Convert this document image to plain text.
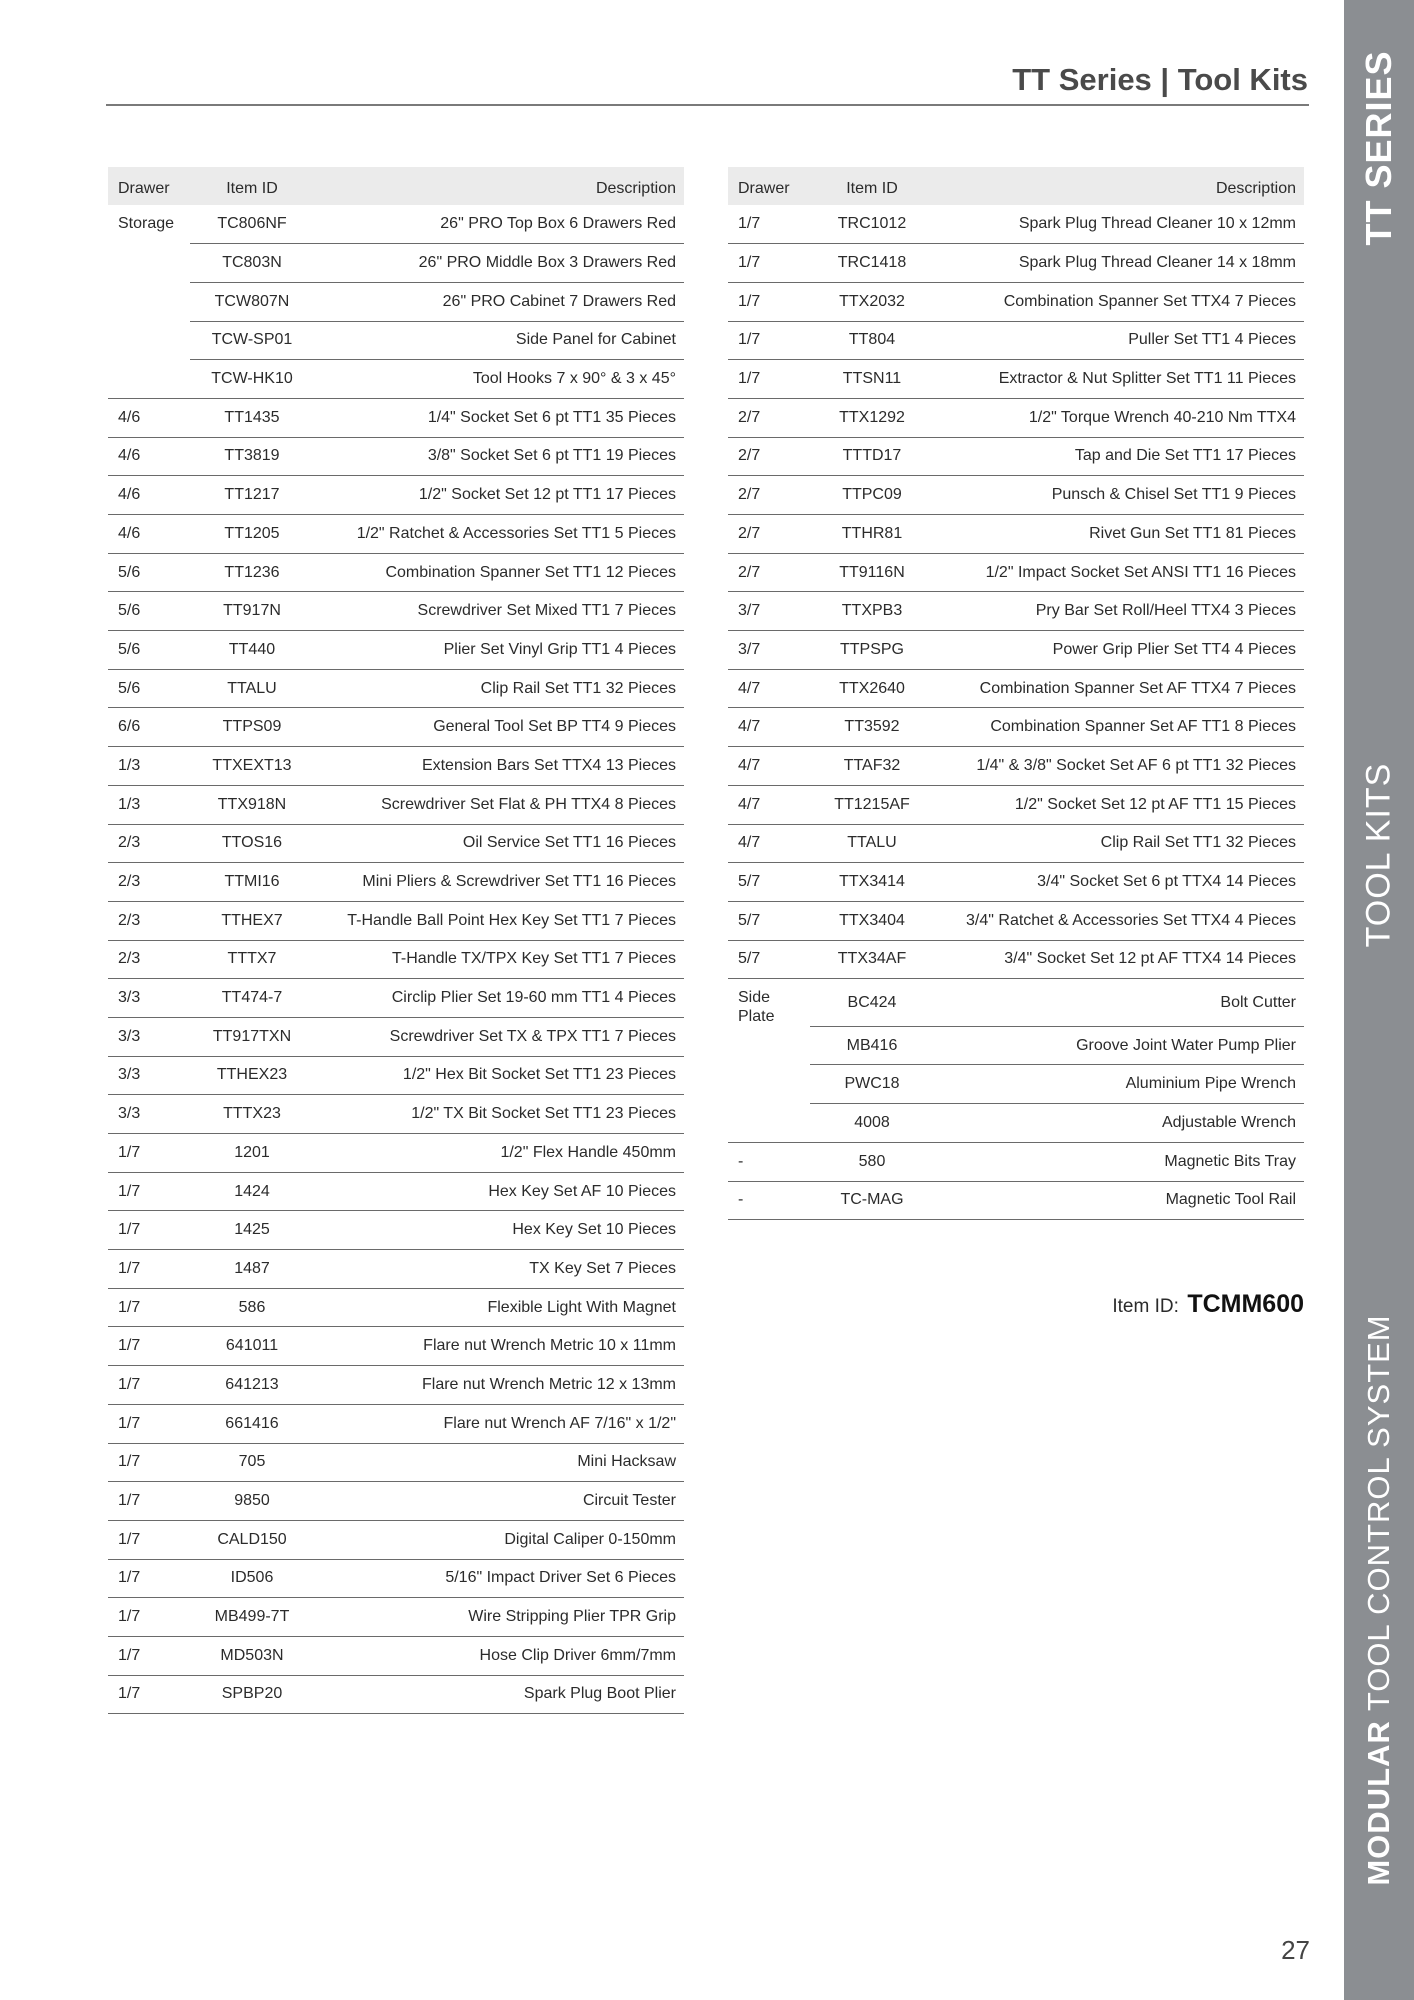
TT Series | Tool Kits
Drawer	Item ID	Description
Storage	TC806NF	26" PRO Top Box 6 Drawers Red
	TC803N	26" PRO Middle Box 3 Drawers Red
	TCW807N	26" PRO Cabinet 7 Drawers Red
	TCW-SP01	Side Panel for Cabinet
	TCW-HK10	Tool Hooks 7 x 90° & 3 x 45°
4/6	TT1435	1/4" Socket Set 6 pt TT1 35 Pieces
4/6	TT3819	3/8" Socket Set 6 pt TT1 19 Pieces
4/6	TT1217	1/2" Socket Set 12 pt TT1 17 Pieces
4/6	TT1205	1/2" Ratchet & Accessories Set TT1 5 Pieces
5/6	TT1236	Combination Spanner Set TT1 12 Pieces
5/6	TT917N	Screwdriver Set Mixed TT1 7 Pieces
5/6	TT440	Plier Set Vinyl Grip TT1 4 Pieces
5/6	TTALU	Clip Rail Set TT1 32 Pieces
6/6	TTPS09	General Tool Set BP TT4 9 Pieces
1/3	TTXEXT13	Extension Bars Set TTX4 13 Pieces
1/3	TTX918N	Screwdriver Set Flat & PH TTX4 8 Pieces
2/3	TTOS16	Oil Service Set TT1 16 Pieces
2/3	TTMI16	Mini Pliers & Screwdriver Set TT1 16 Pieces
2/3	TTHEX7	T-Handle Ball Point Hex Key Set TT1 7 Pieces
2/3	TTTX7	T-Handle TX/TPX Key Set TT1 7 Pieces
3/3	TT474-7	Circlip Plier Set 19-60 mm TT1 4 Pieces
3/3	TT917TXN	Screwdriver Set TX & TPX TT1 7 Pieces
3/3	TTHEX23	1/2" Hex Bit Socket Set TT1 23 Pieces
3/3	TTTX23	1/2" TX Bit Socket Set TT1 23 Pieces
1/7	1201	1/2" Flex Handle 450mm
1/7	1424	Hex Key Set AF 10 Pieces
1/7	1425	Hex Key Set 10 Pieces
1/7	1487	TX Key Set 7 Pieces
1/7	586	Flexible Light With Magnet
1/7	641011	Flare nut Wrench Metric 10 x 11mm
1/7	641213	Flare nut Wrench Metric 12 x 13mm
1/7	661416	Flare nut Wrench AF 7/16" x 1/2"
1/7	705	Mini Hacksaw
1/7	9850	Circuit Tester
1/7	CALD150	Digital Caliper 0-150mm
1/7	ID506	5/16" Impact Driver Set 6 Pieces
1/7	MB499-7T	Wire Stripping Plier TPR Grip
1/7	MD503N	Hose Clip Driver 6mm/7mm
1/7	SPBP20	Spark Plug Boot Plier
Drawer	Item ID	Description
1/7	TRC1012	Spark Plug Thread Cleaner 10 x 12mm
1/7	TRC1418	Spark Plug Thread Cleaner 14 x 18mm
1/7	TTX2032	Combination Spanner Set TTX4 7 Pieces
1/7	TT804	Puller Set TT1 4 Pieces
1/7	TTSN11	Extractor & Nut Splitter Set TT1 11 Pieces
2/7	TTX1292	1/2" Torque Wrench 40-210 Nm TTX4
2/7	TTTD17	Tap and Die Set TT1 17 Pieces
2/7	TTPC09	Punsch & Chisel Set TT1 9 Pieces
2/7	TTHR81	Rivet Gun Set TT1 81 Pieces
2/7	TT9116N	1/2" Impact Socket Set ANSI TT1 16 Pieces
3/7	TTXPB3	Pry Bar Set Roll/Heel TTX4 3 Pieces
3/7	TTPSPG	Power Grip Plier Set TT4 4 Pieces
4/7	TTX2640	Combination Spanner Set AF TTX4 7 Pieces
4/7	TT3592	Combination Spanner Set AF TT1 8 Pieces
4/7	TTAF32	1/4" & 3/8" Socket Set AF 6 pt TT1 32 Pieces
4/7	TT1215AF	1/2" Socket Set 12 pt AF TT1 15 Pieces
4/7	TTALU	Clip Rail Set TT1 32 Pieces
5/7	TTX3414	3/4" Socket Set 6 pt TTX4 14 Pieces
5/7	TTX3404	3/4" Ratchet & Accessories Set TTX4 4 Pieces
5/7	TTX34AF	3/4" Socket Set 12 pt AF TTX4 14 Pieces
Side Plate	BC424	Bolt Cutter
	MB416	Groove Joint Water Pump Plier
	PWC18	Aluminium Pipe Wrench
	4008	Adjustable Wrench
-	580	Magnetic Bits Tray
-	TC-MAG	Magnetic Tool Rail
Item ID: TCMM600
TT SERIES
TOOL KITS
MODULAR TOOL CONTROL SYSTEM
27
